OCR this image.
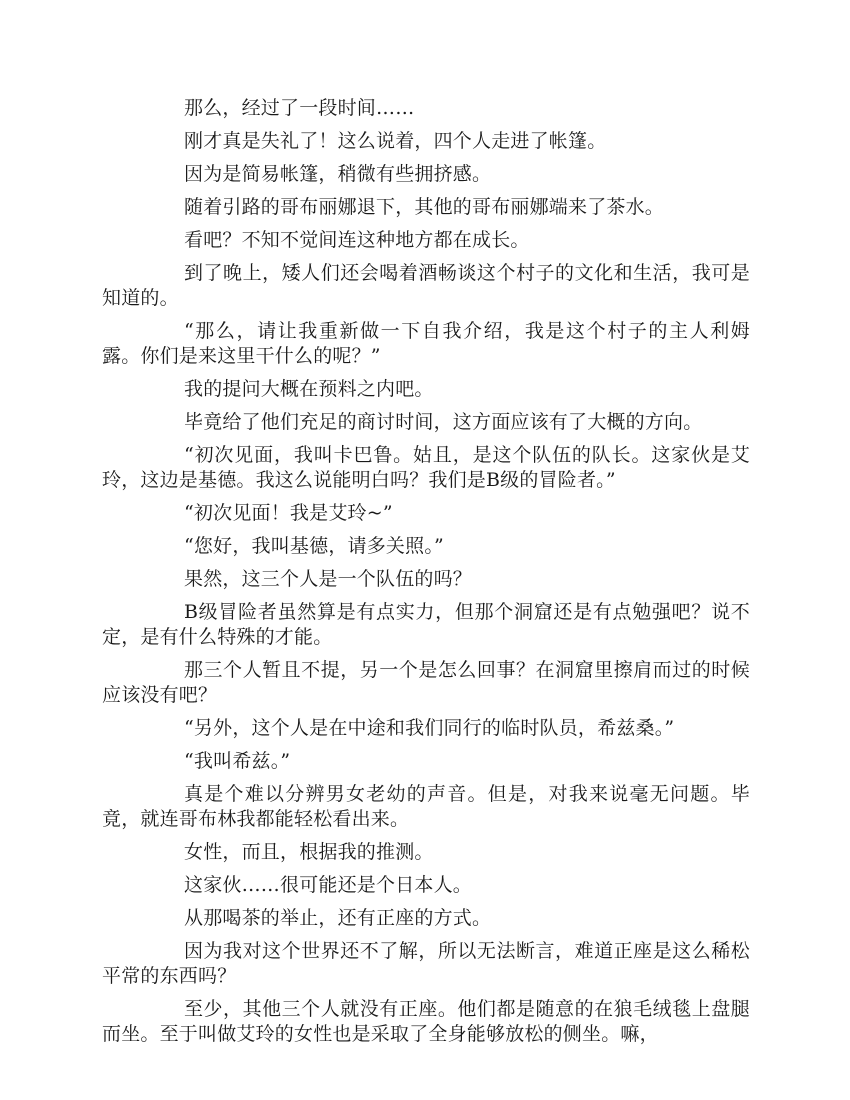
那么，经过了一段时间……

刚才真是失礼了！这么说着，四个人走进了帐篷。

因为是简易帐篷，稍微有些拥挤感。

随着引路的哥布丽娜退下，其他的哥布丽娜端来了茶水。

看吧？不知不觉间连这种地方都在成长。

到了晚上，矮人们还会喝着酒畅谈这个村子的文化和生活，我可是知道的。

“那么，请让我重新做一下自我介绍，我是这个村子的主人利姆露。你们是来这里干什么的呢？”

我的提问大概在预料之内吧。

毕竟给了他们充足的商讨时间，这方面应该有了大概的方向。

“初次见面，我叫卡巴鲁。姑且，是这个队伍的队长。这家伙是艾玲，这边是基德。我这么说能明白吗？我们是B级的冒险者。”

“初次见面！我是艾玲~”

“您好，我叫基德，请多关照。”

果然，这三个人是一个队伍的吗？

B级冒险者虽然算是有点实力，但那个洞窟还是有点勉强吧？说不定，是有什么特殊的才能。

那三个人暂且不提，另一个是怎么回事？在洞窟里擦肩而过的时候应该没有吧？

“另外，这个人是在中途和我们同行的临时队员，希兹桑。”

“我叫希兹。”

真是个难以分辨男女老幼的声音。但是，对我来说毫无问题。毕竟，就连哥布林我都能轻松看出来。

女性，而且，根据我的推测。

这家伙……很可能还是个日本人。

从那喝茶的举止，还有正座的方式。

因为我对这个世界还不了解，所以无法断言，难道正座是这么稀松平常的东西吗？

至少，其他三个人就没有正座。他们都是随意的在狼毛绒毯上盘腿而坐。至于叫做艾玲的女性也是采取了全身能够放松的侧坐。嘛，
